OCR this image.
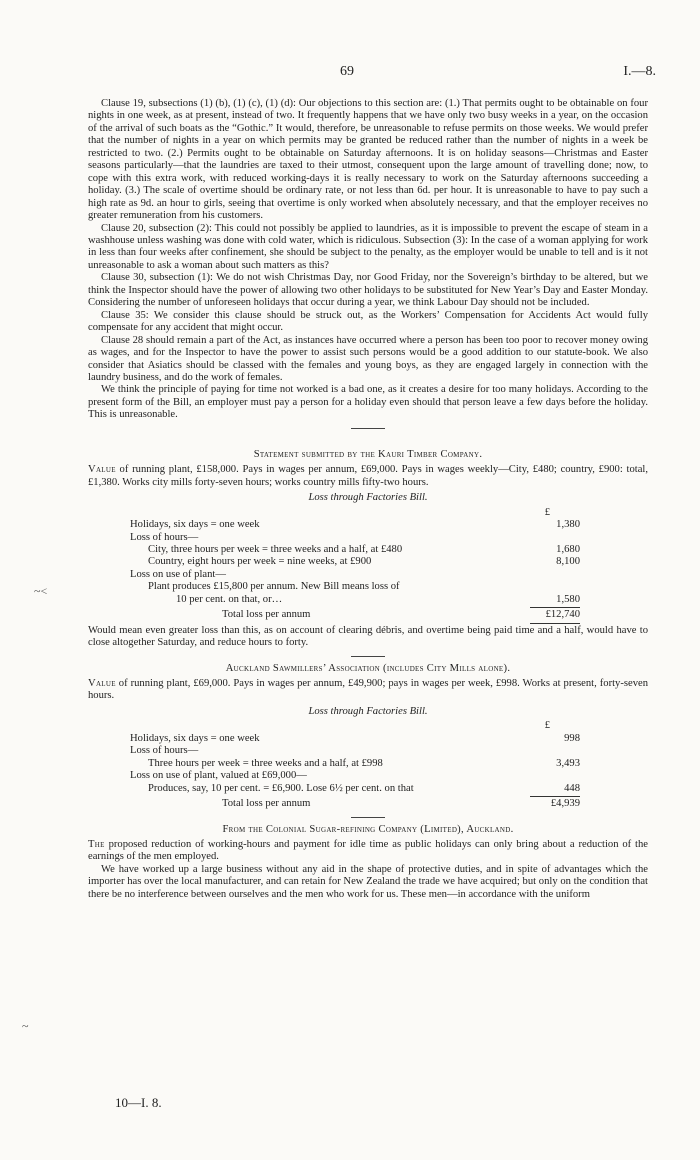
69	I.—8.
~<
~

Clause 19, subsections (1) (b), (1) (c), (1) (d): Our objections to this section are: (1.) That permits ought to be obtainable on four nights in one week, as at present, instead of two. It frequently happens that we have only two busy weeks in a year, on the occasion of the arrival of such boats as the “Gothic.” It would, therefore, be unreasonable to refuse permits on those weeks. We would prefer that the number of nights in a year on which permits may be granted be reduced rather than the number of nights in a week be restricted to two. (2.) Permits ought to be obtainable on Saturday afternoons. It is on holiday seasons—Christmas and Easter seasons particularly—that the laundries are taxed to their utmost, consequent upon the large amount of travelling done; now, to cope with this extra work, with reduced working-days it is really necessary to work on the Saturday afternoons succeeding a holiday. (3.) The scale of overtime should be ordinary rate, or not less than 6d. per hour. It is unreasonable to have to pay such a high rate as 9d. an hour to girls, seeing that overtime is only worked when absolutely necessary, and that the employer receives no greater remuneration from his customers.

Clause 20, subsection (2): This could not possibly be applied to laundries, as it is impossible to prevent the escape of steam in a washhouse unless washing was done with cold water, which is ridiculous. Subsection (3): In the case of a woman applying for work in less than four weeks after confinement, she should be subject to the penalty, as the employer would be unable to tell and is it not unreasonable to ask a woman about such matters as this?

Clause 30, subsection (1): We do not wish Christmas Day, nor Good Friday, nor the Sovereign’s birthday to be altered, but we think the Inspector should have the power of allowing two other holidays to be substituted for New Year’s Day and Easter Monday. Considering the number of unforeseen holidays that occur during a year, we think Labour Day should not be included.

Clause 35: We consider this clause should be struck out, as the Workers’ Compensation for Accidents Act would fully compensate for any accident that might occur.

Clause 28 should remain a part of the Act, as instances have occurred where a person has been too poor to recover money owing as wages, and for the Inspector to have the power to assist such persons would be a good addition to our statute-book. We also consider that Asiatics should be classed with the females and young boys, as they are engaged largely in connection with the laundry business, and do the work of females.

We think the principle of paying for time not worked is a bad one, as it creates a desire for too many holidays. According to the present form of the Bill, an employer must pay a person for a holiday even should that person leave a few days before the holiday. This is unreasonable.

Statement submitted by the Kauri Timber Company.

Value of running plant, £158,000. Pays in wages per annum, £69,000. Pays in wages weekly—City, £480; country, £900: total, £1,380. Works city mills forty-seven hours; works country mills fifty-two hours.

Loss through Factories Bill.
£
Holidays, six days = one week	1,380
Loss of hours—
City, three hours per week = three weeks and a half, at £480	1,680
Country, eight hours per week = nine weeks, at £900	8,100
Loss on use of plant—
Plant produces £15,800 per annum. New Bill means loss of
10 per cent. on that, or…	1,580
Total loss per annum	£12,740

Would mean even greater loss than this, as on account of clearing débris, and overtime being paid time and a half, would have to close altogether Saturday, and reduce hours to forty.

Auckland Sawmillers’ Association (includes City Mills alone).

Value of running plant, £69,000. Pays in wages per annum, £49,900; pays in wages per week, £998. Works at present, forty-seven hours.

Loss through Factories Bill.
£
Holidays, six days = one week	998
Loss of hours—
Three hours per week = three weeks and a half, at £998	3,493
Loss on use of plant, valued at £69,000—
Produces, say, 10 per cent. = £6,900. Lose 6½ per cent. on that	448
Total loss per annum	£4,939
From the Colonial Sugar-refining Company (Limited), Auckland.

The proposed reduction of working-hours and payment for idle time as public holidays can only bring about a reduction of the earnings of the men employed.

We have worked up a large business without any aid in the shape of protective duties, and in spite of advantages which the importer has over the local manufacturer, and can retain for New Zealand the trade we have acquired; but only on the condition that there be no interference between ourselves and the men who work for us. These men—in accordance with the uniform

10—I. 8.
